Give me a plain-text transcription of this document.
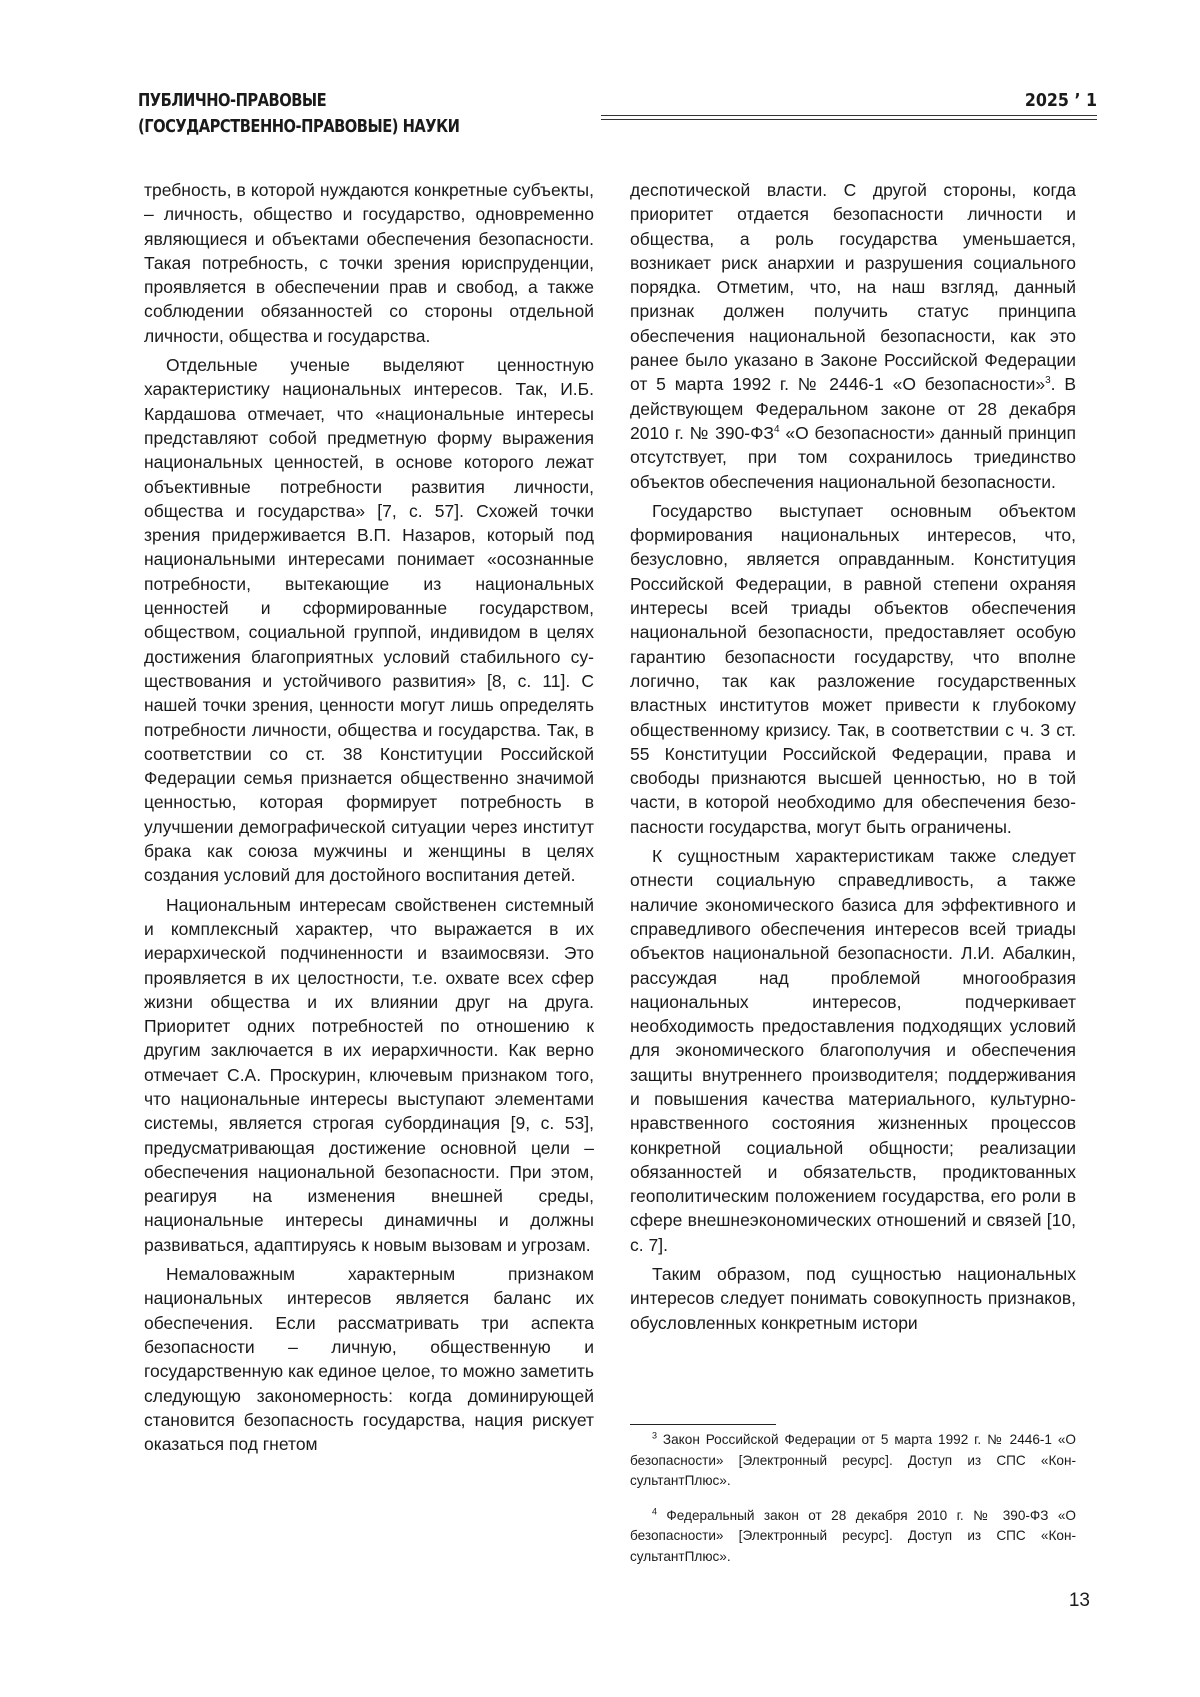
ПУБЛИЧНО-ПРАВОВЫЕ
(ГОСУДАРСТВЕННО-ПРАВОВЫЕ) НАУКИ
2025 ’ 1

требность, в которой нуждаются конкретные субъекты, – личность, общество и государство, одновременно являющиеся и объектами обеспечения безопасности. Такая потребность, с точки зрения юриспруденции, проявляется в обеспечении прав и свобод, а также соблюдении обязанностей со стороны отдельной личности, общества и государства.

Отдельные ученые выделяют ценностную характеристику национальных интересов. Так, И.Б. Кардашова отмечает, что «национальные интересы представляют собой предметную форму выражения национальных ценностей, в основе которого лежат объективные потребности развития личности, общества и государства» [7, с. 57]. Схожей точки зрения придерживается В.П. Назаров, который под национальными интересами понимает «осознанные потребности, вытекающие из национальных ценностей и сформированные государством, обществом, социальной группой, индивидом в целях достижения благоприятных условий стабильного существования и устойчивого развития» [8, с. 11]. С нашей точки зрения, ценности могут лишь определять потребности личности, общества и государства. Так, в соответствии со ст. 38 Конституции Российской Федерации семья признается общественно значимой ценностью, которая формирует потребность в улучшении демографической ситуации через институт брака как союза мужчины и женщины в целях создания условий для достойного воспитания детей.

Национальным интересам свойственен системный и комплексный характер, что выражается в их иерархической подчиненности и взаимосвязи. Это проявляется в их целостности, т.е. охвате всех сфер жизни общества и их влиянии друг на друга. Приоритет одних потребностей по отношению к другим заключается в их иерархичности. Как верно отмечает С.А. Проскурин, ключевым признаком того, что национальные интересы выступают элементами системы, является строгая субординация [9, с. 53], предусматривающая достижение основной цели – обеспечения национальной безопасности. При этом, реагируя на изменения внешней среды, национальные интересы динамичны и должны развиваться, адаптируясь к новым вызовам и угрозам.

Немаловажным характерным признаком национальных интересов является баланс их обеспечения. Если рассматривать три аспекта безопасности – личную, общественную и государственную как единое целое, то можно заметить следующую закономерность: когда доминирующей становится безопасность государства, нация рискует оказаться под гнетом

деспотической власти. С другой стороны, когда приоритет отдается безопасности личности и общества, а роль государства уменьшается, возникает риск анархии и разрушения социального порядка. Отметим, что, на наш взгляд, данный признак должен получить статус принципа обеспечения национальной безопасности, как это ранее было указано в Законе Российской Федерации от 5 марта 1992 г. № 2446-1 «О безопасности»$^3$. В действующем Федеральном законе от 28 декабря 2010 г. № $390-ФЗ^4$ «О безопасности» данный принцип отсутствует, при том сохранилось триединство объектов обеспечения национальной безопасности.

Государство выступает основным объектом формирования национальных интересов, что, безусловно, является оправданным. Конституция Российской Федерации, в равной степени охраняя интересы всей триады объектов обеспечения национальной безопасности, предоставляет особую гарантию безопасности государству, что вполне логично, так как разложение государственных властных институтов может привести к глубокому общественному кризису. Так, в соответствии с ч. 3 ст. 55 Конституции Российской Федерации, права и свободы признаются высшей ценностью, но в той части, в которой необходимо для обеспечения безопасности государства, могут быть ограничены.

К сущностным характеристикам также следует отнести социальную справедливость, а также наличие экономического базиса для эффективного и справедливого обеспечения интересов всей триады объектов национальной безопасности. Л.И. Абалкин, рассуждая над проблемой многообразия национальных интересов, подчеркивает необходимость предоставления подходящих условий для экономического благополучия и обеспечения защиты внутреннего производителя; поддерживания и повышения качества материального, культурно-нравственного состояния жизненных процессов конкретной социальной общности; реализации обязанностей и обязательств, продиктованных геополитическим положением государства, его роли в сфере внешнеэкономических отношений и связей [10, с. 7].

Таким образом, под сущностью национальных интересов следует понимать совокупность признаков, обусловленных конкретным истори

$^3$ Закон Российской Федерации от 5 марта 1992 г. № 2446-1 «О безопасности» [Электронный ресурс]. Доступ из СПС «КонсультантПлюс».

$^4$ Федеральный закон от 28 декабря 2010 г. № 390-ФЗ «О безопасности» [Электронный ресурс]. Доступ из СПС «КонсультантПлюс».

13
